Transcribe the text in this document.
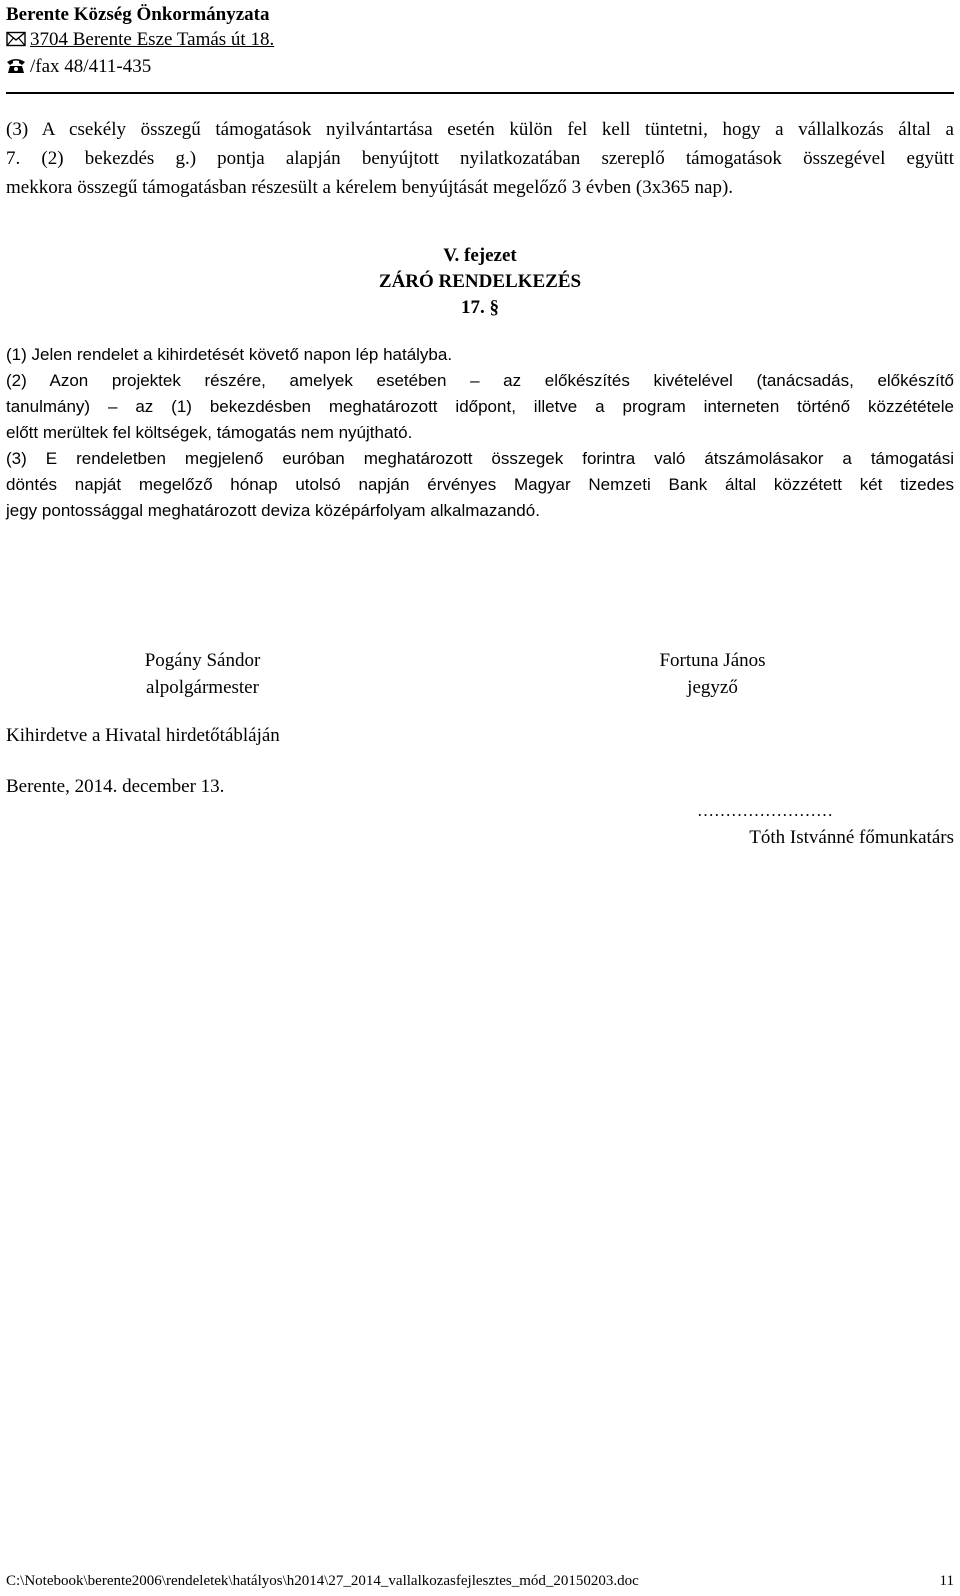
Berente Község Önkormányzata
3704 Berente Esze Tamás út 18.
/fax 48/411-435
(3) A csekély összegű támogatások nyilvántartása esetén külön fel kell tüntetni, hogy a vállalkozás által a
7. (2) bekezdés g.) pontja alapján benyújtott nyilatkozatában szereplő támogatások összegével együtt
mekkora összegű támogatásban részesült a kérelem benyújtását megelőző 3 évben (3x365 nap).
V. fejezet
ZÁRÓ RENDELKEZÉS
17. §
(1) Jelen rendelet a kihirdetését követő napon lép hatályba.
(2) Azon projektek részére, amelyek esetében – az előkészítés kivételével (tanácsadás, előkészítő
tanulmány) – az (1) bekezdésben meghatározott időpont, illetve a program interneten történő közzététele
előtt merültek fel költségek, támogatás nem nyújtható.
(3) E rendeletben megjelenő euróban meghatározott összegek forintra való átszámolásakor a támogatási
döntés napját megelőző hónap utolsó napján érvényes Magyar Nemzeti Bank által közzétett két tizedes
jegy pontossággal meghatározott deviza középárfolyam alkalmazandó.
Pogány Sándor
alpolgármester
Fortuna János
jegyző
Kihirdetve a Hivatal hirdetőtábláján
Berente, 2014. december 13.
……………………
Tóth Istvánné főmunkatárs
C:\Notebook\berente2006\rendeletek\hatályos\h2014\27_2014_vallalkozasfejlesztes_mód_20150203.doc	11
